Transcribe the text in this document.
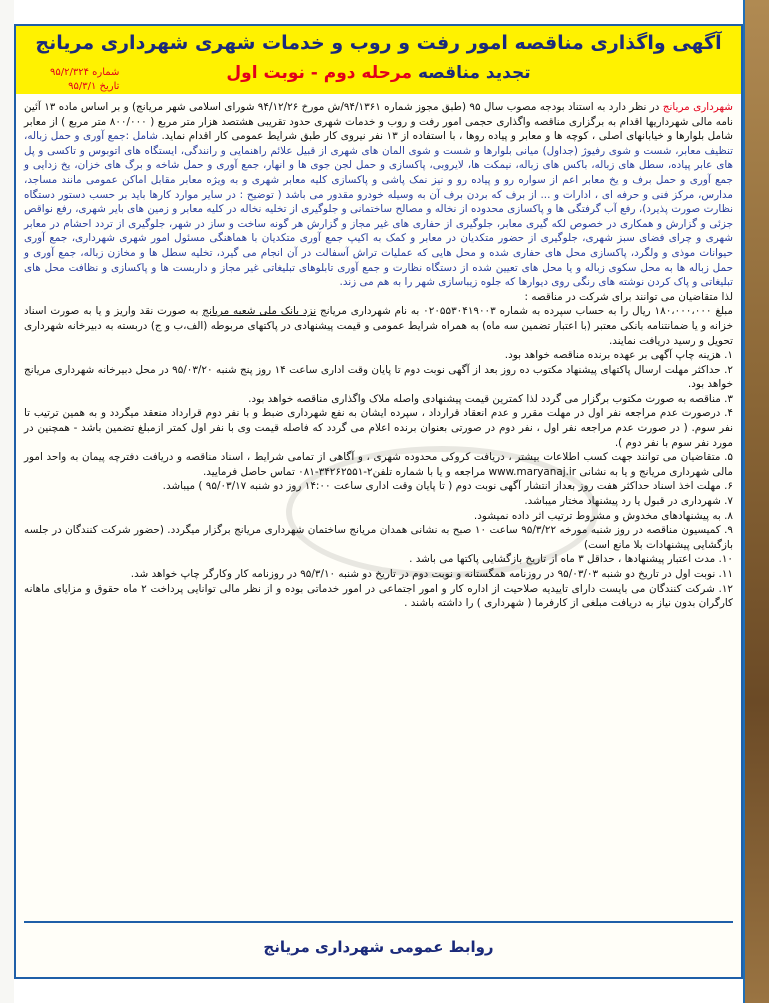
آگهی واگذاری مناقصه امور رفت و روب و خدمات شهری شهرداری مریانج
تجدید مناقصه مرحله دوم - نوبت اول
شماره ۹۵/۲/۳۲۴
تاریخ ۹۵/۳/۱

شهرداری مریانج در نظر دارد به استناد بودجه مصوب سال ۹۵ (طبق مجوز شماره ۹۴/۱۳۶۱/ش مورخ ۹۴/۱۲/۲۶ شورای اسلامی شهر مریانج) و بر اساس ماده ۱۳ آئین نامه مالی شهرداریها اقدام به برگزاری مناقصه واگذاری حجمی امور رفت و روب و خدمات شهری حدود تقریبی هشتصد هزار متر مربع ( ۸۰۰/۰۰۰ متر مربع ) از معابر شامل بلوارها و خیابانهای اصلی ، کوچه ها و معابر و پیاده روها ، با استفاده از ۱۳ نفر نیروی کار طبق شرایط عمومی کار اقدام نماید. شامل :جمع آوری و حمل زباله، تنظیف معابر، شست و شوی رفیوژ (جداول) میانی بلوارها و شست و شوی المان های شهری از قبیل علائم راهنمایی و رانندگی، ایستگاه های اتوبوس و تاکسی و پل های عابر پیاده، سطل های زباله، باکس های زباله، نیمکت ها، لایروبی، پاکسازی و حمل لجن جوی ها و انهار، جمع آوری و حمل شاخه و برگ های خزان، یخ زدایی و جمع آوری و حمل برف و یخ معابر اعم از سواره رو و پیاده رو و نیز نمک پاشی و پاکسازی کلیه معابر شهری و به ویژه معابر مقابل اماکن عمومی مانند مساجد، مدارس، مرکز فنی و حرفه ای ، ادارات و ... از برف که بردن برف آن به وسیله خودرو مقدور می باشد ( توضیح : در سایر موارد کارها باید بر حسب دستور دستگاه نظارت صورت پذیرد)، رفع آب گرفتگی ها و پاکسازی محدوده از نخاله و مصالح ساختمانی و جلوگیری از تخلیه نخاله در کلیه معابر و زمین های بایر شهری، رفع نواقص جزئی و گزارش و همکاری در خصوص لکه گیری معابر، جلوگیری از حفاری های غیر مجاز و گزارش هر گونه ساخت و ساز در شهر، جلوگیری از تردد احشام در معابر شهری و چرای فضای سبز شهری، جلوگیری از حضور متکدیان در معابر و کمک به اکیپ جمع آوری متکدیان با هماهنگی مسئول امور شهری شهرداری، جمع آوری حیوانات موذی و ولگرد، پاکسازی محل های حفاری شده و محل هایی که عملیات تراش آسفالت در آن انجام می گیرد، تخلیه سطل ها و مخازن زباله، جمع آوری و حمل زباله ها به محل سکوی زباله و یا محل های تعیین شده از دستگاه نظارت و جمع آوری تابلوهای تبلیغاتی غیر مجاز و داربست ها و پاکسازی و نظافت محل های تبلیغاتی و پاک کردن نوشته های رنگی روی دیوارها که جلوه زیباسازی شهر را به هم می زند.

لذا متقاضیان می توانند برای شرکت در مناقصه :

مبلغ ۱۸۰،۰۰۰،۰۰۰ ریال را به حساب سپرده به شماره ۰۲۰۵۵۳۰۴۱۹۰۰۳ به نام شهرداری مریانج نزد بانک ملی شعبه مریانج به صورت نقد واریز و یا به صورت اسناد خزانه و یا ضمانتنامه بانکی معتبر (با اعتبار تضمین سه ماه) به همراه شرایط عمومی و قیمت پیشنهادی در پاکتهای مربوطه (الف،ب و ج) دربسته به دبیرخانه شهرداری تحویل و رسید دریافت نمایند.

۱. هزینه چاپ آگهی بر عهده برنده مناقصه خواهد بود.
۲. حداکثر مهلت ارسال پاکتهای پیشنهاد مکتوب ده روز بعد از آگهی نوبت دوم تا پایان وقت اداری ساعت ۱۴ روز پنج شنبه ۹۵/۰۳/۲۰ در محل دبیرخانه شهرداری مریانج خواهد بود.
۳. مناقصه به صورت مکتوب برگزار می گردد لذا کمترین قیمت پیشنهادی واصله ملاک واگذاری مناقصه خواهد بود.
۴. درصورت عدم مراجعه نفر اول در مهلت مقرر و عدم انعقاد قرارداد ، سپرده ایشان به نفع شهرداری ضبط و با نفر دوم قرارداد منعقد میگردد و به همین ترتیب تا نفر سوم. ( در صورت عدم مراجعه نفر اول ، نفر دوم در صورتی بعنوان برنده اعلام می گردد که فاصله قیمت وی با نفر اول کمتر ازمبلغ تضمین باشد - همچنین در مورد نفر سوم با نفر دوم ).
۵. متقاضیان می توانند جهت کسب اطلاعات بیشتر ، دریافت کروکی محدوده شهری ، و آگاهی از تمامی شرایط ، اسناد مناقصه و دریافت دفترچه پیمان به واحد امور مالی شهرداری مریانج و یا به نشانی www.maryanaj.ir مراجعه و یا با شماره تلفن۲-۳۴۲۶۲۵۵۱-۰۸۱ تماس حاصل فرمایید.
۶. مهلت اخذ اسناد حداکثر هفت روز بعداز انتشار آگهی نوبت دوم ( تا پایان وقت اداری ساعت ۱۴:۰۰ روز دو شنبه ۹۵/۰۳/۱۷ ) میباشد.
۷. شهرداری در قبول یا رد پیشنهاد مختار میباشد.
۸. به پیشنهادهای مخدوش و مشروط ترتیب اثر داده نمیشود.
۹. کمیسیون مناقصه در روز شنبه مورخه ۹۵/۳/۲۲ ساعت ۱۰ صبح به نشانی همدان مریانج ساختمان شهرداری مریانج برگزار میگردد. (حضور شرکت کنندگان در جلسه بازگشایی پیشنهادات بلا مانع است)
۱۰. مدت اعتبار پیشنهادها ، حداقل ۳ ماه از تاریخ بازگشایی پاکتها می باشد .
۱۱. نوبت اول در تاریخ دو شنبه ۹۵/۰۳/۰۳ در روزنامه همگستانه و نوبت دوم در تاریخ دو شنبه ۹۵/۳/۱۰ در روزنامه کار وکارگر چاپ خواهد شد.
۱۲. شرکت کنندگان می بایست دارای تاییدیه صلاحیت از اداره کار و امور اجتماعی در امور خدماتی بوده و از نظر مالی توانایی پرداخت ۲ ماه حقوق و مزایای ماهانه کارگران بدون نیاز به دریافت مبلغی از کارفرما ( شهرداری ) را داشته باشند .
روابط عمومی شهرداری مریانج
